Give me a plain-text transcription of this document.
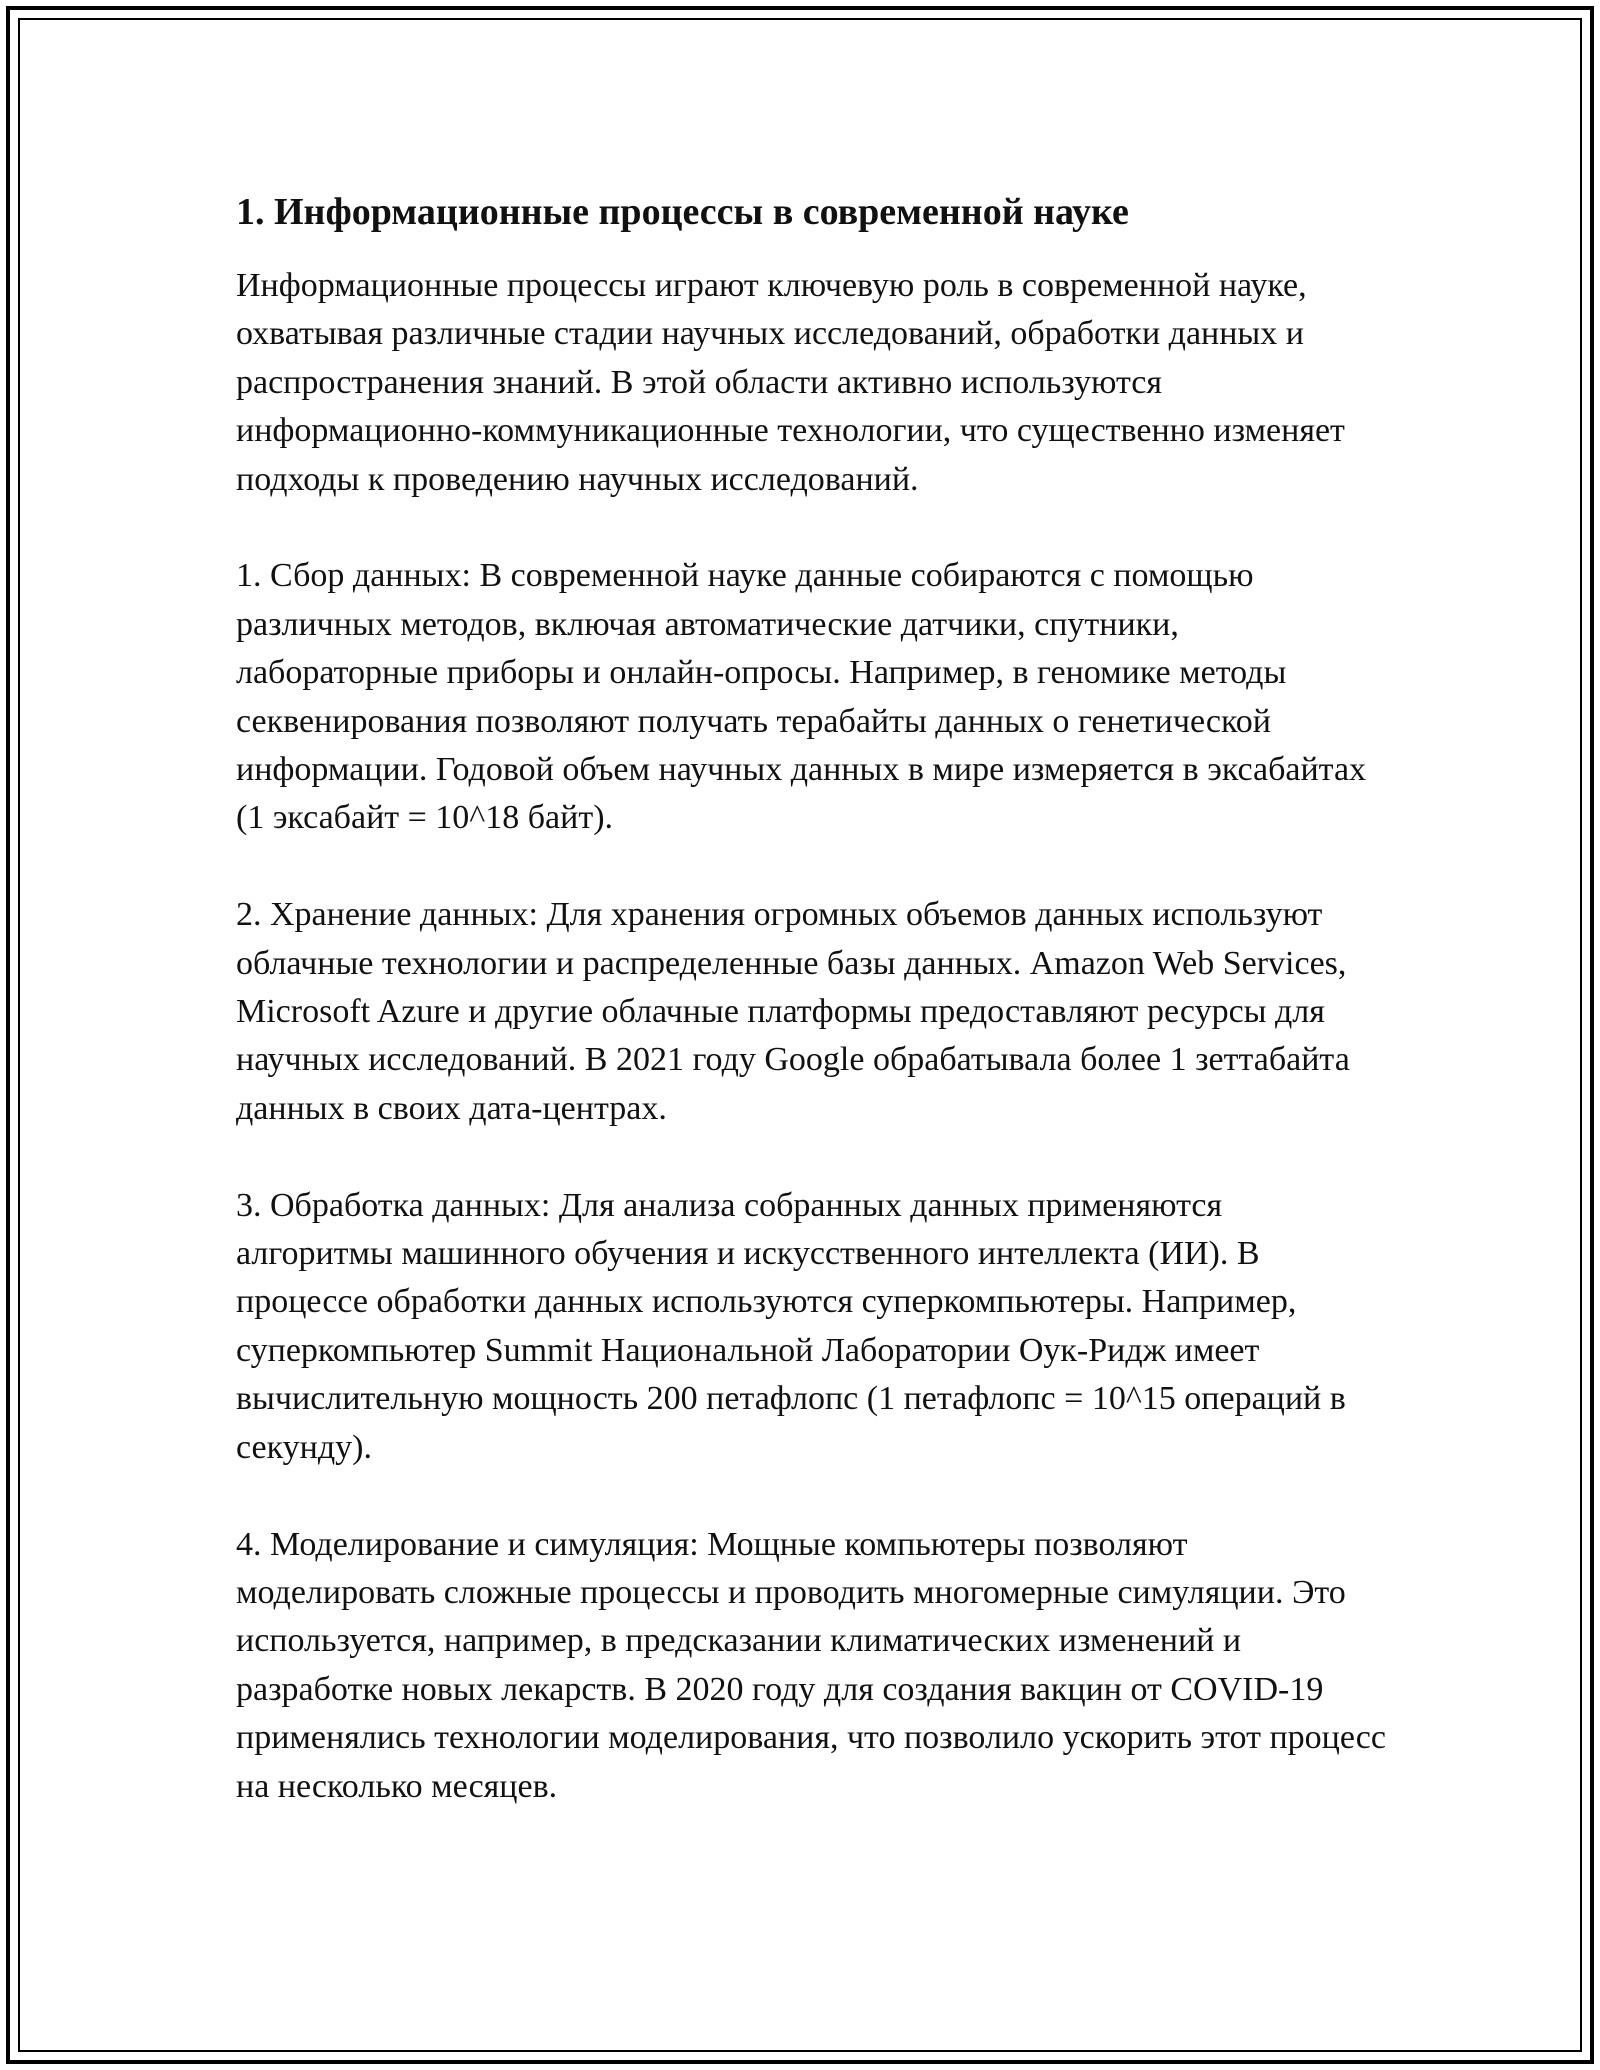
1. Информационные процессы в современной науке

Информационные процессы играют ключевую роль в современной науке, охватывая различные стадии научных исследований, обработки данных и распространения знаний. В этой области активно используются информационно-коммуникационные технологии, что существенно изменяет подходы к проведению научных исследований.

1. Сбор данных: В современной науке данные собираются с помощью различных методов, включая автоматические датчики, спутники, лабораторные приборы и онлайн-опросы. Например, в геномике методы секвенирования позволяют получать терабайты данных о генетической информации. Годовой объем научных данных в мире измеряется в эксабайтах (1 эксабайт = 10^18 байт).

2. Хранение данных: Для хранения огромных объемов данных используют облачные технологии и распределенные базы данных. Amazon Web Services, Microsoft Azure и другие облачные платформы предоставляют ресурсы для научных исследований. В 2021 году Google обрабатывала более 1 зеттабайта данных в своих дата-центрах.

3. Обработка данных: Для анализа собранных данных применяются алгоритмы машинного обучения и искусственного интеллекта (ИИ). В процессе обработки данных используются суперкомпьютеры. Например, суперкомпьютер Summit Национальной Лаборатории Оук-Ридж имеет вычислительную мощность 200 петафлопс (1 петафлопс = 10^15 операций в секунду).

4. Моделирование и симуляция: Мощные компьютеры позволяют моделировать сложные процессы и проводить многомерные симуляции. Это используется, например, в предсказании климатических изменений и разработке новых лекарств. В 2020 году для создания вакцин от COVID-19 применялись технологии моделирования, что позволило ускорить этот процесс на несколько месяцев.
